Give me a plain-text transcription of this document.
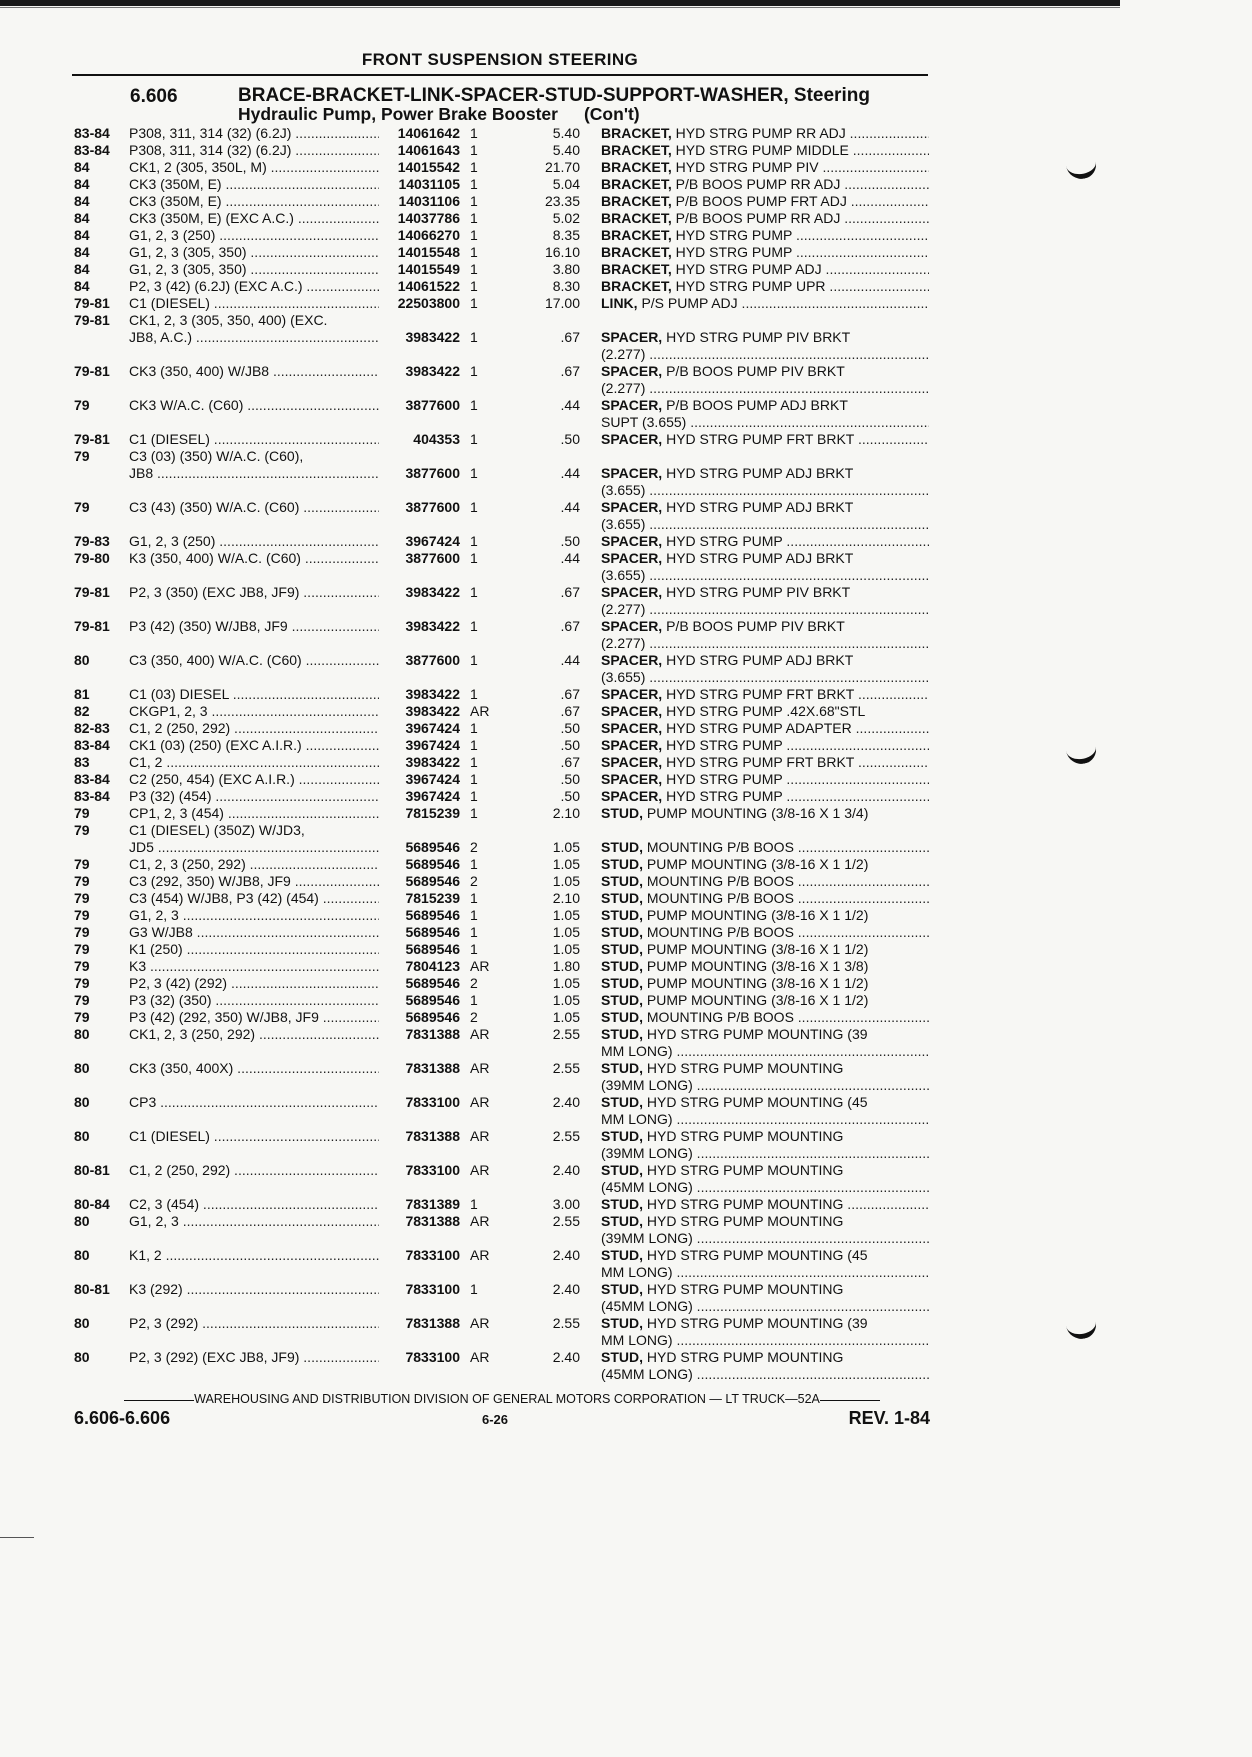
FRONT SUSPENSION STEERING
6.606	BRACE-BRACKET-LINK-SPACER-STUD-SUPPORT-WASHER, Steering
Hydraulic Pump, Power Brake Booster (Con't)
83-84	P308, 311, 314 (32) (6.2J) .....	14061642 1	5.40 BRACKET, HYD STRG PUMP RR ADJ .....
83-84	P308, 311, 314 (32) (6.2J) .....	14061643 1	5.40 BRACKET, HYD STRG PUMP MIDDLE .....
84	CK1, 2 (305, 350L, M) .....	14015542 1	21.70 BRACKET, HYD STRG PUMP PIV .....
84	CK3 (350M, E) .....	14031105 1	5.04 BRACKET, P/B BOOS PUMP RR ADJ .....
84	CK3 (350M, E) .....	14031106 1	23.35 BRACKET, P/B BOOS PUMP FRT ADJ .....
84	CK3 (350M, E) (EXC A.C.) .....	14037786 1	5.02 BRACKET, P/B BOOS PUMP RR ADJ .....
84	G1, 2, 3 (250) .....	14066270 1	8.35 BRACKET, HYD STRG PUMP .....
84	G1, 2, 3 (305, 350) .....	14015548 1	16.10 BRACKET, HYD STRG PUMP .....
84	G1, 2, 3 (305, 350) .....	14015549 1	3.80 BRACKET, HYD STRG PUMP ADJ .....
84	P2, 3 (42) (6.2J) (EXC A.C.) .....	14061522 1	8.30 BRACKET, HYD STRG PUMP UPR .....
79-81	C1 (DIESEL) .....	22503800 1	17.00 LINK, P/S PUMP ADJ .....
79-81	CK1, 2, 3 (305, 350, 400) (EXC.
JB8, A.C.) .....	3983422 1	.67 SPACER, HYD STRG PUMP PIV BRKT
(2.277) .....
79-81	CK3 (350, 400) W/JB8 .....	3983422 1	.67 SPACER, P/B BOOS PUMP PIV BRKT
(2.277) .....
79	CK3 W/A.C. (C60) .....	3877600 1	.44 SPACER, P/B BOOS PUMP ADJ BRKT
SUPT (3.655) .....
79-81	C1 (DIESEL) .....	404353 1	.50 SPACER, HYD STRG PUMP FRT BRKT .....
79	C3 (03) (350) W/A.C. (C60),
JB8 .....	3877600 1	.44 SPACER, HYD STRG PUMP ADJ BRKT
(3.655) .....
79	C3 (43) (350) W/A.C. (C60) .....	3877600 1	.44 SPACER, HYD STRG PUMP ADJ BRKT
(3.655) .....
79-83	G1, 2, 3 (250) .....	3967424 1	.50 SPACER, HYD STRG PUMP .....
79-80	K3 (350, 400) W/A.C. (C60) .....	3877600 1	.44 SPACER, HYD STRG PUMP ADJ BRKT
(3.655) .....
79-81	P2, 3 (350) (EXC JB8, JF9) .....	3983422 1	.67 SPACER, HYD STRG PUMP PIV BRKT
(2.277) .....
79-81	P3 (42) (350) W/JB8, JF9 .....	3983422 1	.67 SPACER, P/B BOOS PUMP PIV BRKT
(2.277) .....
80	C3 (350, 400) W/A.C. (C60) .....	3877600 1	.44 SPACER, HYD STRG PUMP ADJ BRKT
(3.655) .....
81	C1 (03) DIESEL .....	3983422 1	.67 SPACER, HYD STRG PUMP FRT BRKT .....
82	CKGP1, 2, 3 .....	3983422 AR	.67 SPACER, HYD STRG PUMP .42X.68"STL
82-83	C1, 2 (250, 292) .....	3967424 1	.50 SPACER, HYD STRG PUMP ADAPTER .....
83-84	CK1 (03) (250) (EXC A.I.R.) .....	3967424 1	.50 SPACER, HYD STRG PUMP .....
83	C1, 2 .....	3983422 1	.67 SPACER, HYD STRG PUMP FRT BRKT .....
83-84	C2 (250, 454) (EXC A.I.R.) .....	3967424 1	.50 SPACER, HYD STRG PUMP .....
83-84	P3 (32) (454) .....	3967424 1	.50 SPACER, HYD STRG PUMP .....
79	CP1, 2, 3 (454) .....	7815239 1	2.10 STUD, PUMP MOUNTING (3/8-16 X 1 3/4)
79	C1 (DIESEL) (350Z) W/JD3,
JD5 .....	5689546 2	1.05 STUD, MOUNTING P/B BOOS .....
79	C1, 2, 3 (250, 292) .....	5689546 1	1.05 STUD, PUMP MOUNTING (3/8-16 X 1 1/2)
79	C3 (292, 350) W/JB8, JF9 .....	5689546 2	1.05 STUD, MOUNTING P/B BOOS .....
79	C3 (454) W/JB8, P3 (42) (454) .....	7815239 1	2.10 STUD, MOUNTING P/B BOOS .....
79	G1, 2, 3 .....	5689546 1	1.05 STUD, PUMP MOUNTING (3/8-16 X 1 1/2)
79	G3 W/JB8 .....	5689546 1	1.05 STUD, MOUNTING P/B BOOS .....
79	K1 (250) .....	5689546 1	1.05 STUD, PUMP MOUNTING (3/8-16 X 1 1/2)
79	K3 .....	7804123 AR	1.80 STUD, PUMP MOUNTING (3/8-16 X 1 3/8)
79	P2, 3 (42) (292) .....	5689546 2	1.05 STUD, PUMP MOUNTING (3/8-16 X 1 1/2)
79	P3 (32) (350) .....	5689546 1	1.05 STUD, PUMP MOUNTING (3/8-16 X 1 1/2)
79	P3 (42) (292, 350) W/JB8, JF9 .....	5689546 2	1.05 STUD, MOUNTING P/B BOOS .....
80	CK1, 2, 3 (250, 292) .....	7831388 AR	2.55 STUD, HYD STRG PUMP MOUNTING (39
MM LONG) .....
80	CK3 (350, 400X) .....	7831388 AR	2.55 STUD, HYD STRG PUMP MOUNTING
(39MM LONG) .....
80	CP3 .....	7833100 AR	2.40 STUD, HYD STRG PUMP MOUNTING (45
MM LONG) .....
80	C1 (DIESEL) .....	7831388 AR	2.55 STUD, HYD STRG PUMP MOUNTING
(39MM LONG) .....
80-81	C1, 2 (250, 292) .....	7833100 AR	2.40 STUD, HYD STRG PUMP MOUNTING
(45MM LONG) .....
80-84	C2, 3 (454) .....	7831389 1	3.00 STUD, HYD STRG PUMP MOUNTING .....
80	G1, 2, 3 .....	7831388 AR	2.55 STUD, HYD STRG PUMP MOUNTING
(39MM LONG) .....
80	K1, 2 .....	7833100 AR	2.40 STUD, HYD STRG PUMP MOUNTING (45
MM LONG) .....
80-81	K3 (292) .....	7833100 1	2.40 STUD, HYD STRG PUMP MOUNTING
(45MM LONG) .....
80	P2, 3 (292) .....	7831388 AR	2.55 STUD, HYD STRG PUMP MOUNTING (39
MM LONG) .....
80	P2, 3 (292) (EXC JB8, JF9) .....	7833100 AR	2.40 STUD, HYD STRG PUMP MOUNTING
(45MM LONG) .....
WAREHOUSING AND DISTRIBUTION DIVISION OF GENERAL MOTORS CORPORATION — LT TRUCK—52A
6.606-6.606	6-26	REV. 1-84
